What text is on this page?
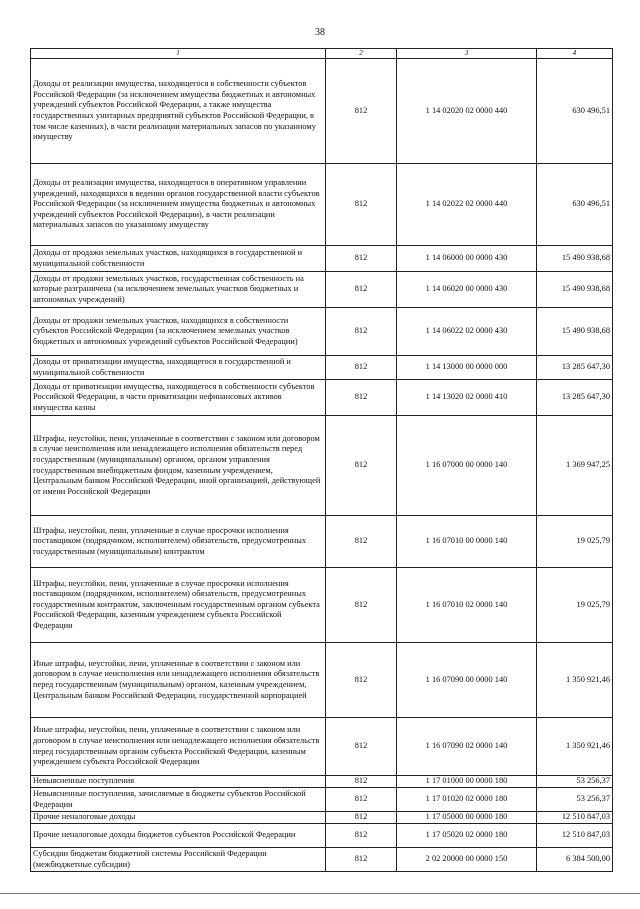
38
1	2	3	4
Доходы от реализации имущества, находящегося в собственности субъектов Российской Федерации (за исключением имущества бюджетных и автономных учреждений субъектов Российской Федерации, а также имущества государственных унитарных предприятий субъектов Российской Федерации, в том числе казенных), в части реализации материальных запасов по указанному имуществу	812	1 14 02020 02 0000 440	630 496,51
Доходы от реализации имущества, находящегося в оперативном управлении учреждений, находящихся в ведении органов государственной власти субъектов Российской Федерации (за исключением имущества бюджетных и автономных учреждений субъектов Российской Федерации), в части реализации материальных запасов по указанному имуществу	812	1 14 02022 02 0000 440	630 496,51
Доходы от продажи земельных участков, находящихся в государственной и муниципальной собственности	812	1 14 06000 00 0000 430	15 490 938,68
Доходы от продажи земельных участков, государственная собственность на которые разграничена (за исключением земельных участков бюджетных и автономных учреждений)	812	1 14 06020 00 0000 430	15 490 938,68
Доходы от продажи земельных участков, находящихся в собственности субъектов Российской Федерации (за исключением земельных участков бюджетных и автономных учреждений субъектов Российской Федерации)	812	1 14 06022 02 0000 430	15 490 938,68
Доходы от приватизации имущества, находящегося в государственной и муниципальной собственности	812	1 14 13000 00 0000 000	13 285 647,30
Доходы от приватизации имущества, находящегося в собственности субъектов Российской Федерации, в части приватизации нефинансовых активов имущества казны	812	1 14 13020 02 0000 410	13 285 647,30
Штрафы, неустойки, пени, уплаченные в соответствии с законом или договором в случае неисполнения или ненадлежащего исполнения обязательств перед государственным (муниципальным) органом, органом управления государственным внебюджетным фондом, казенным учреждением, Центральным банком Российской Федерации, иной организацией, действующей от имени Российской Федерации	812	1 16 07000 00 0000 140	1 369 947,25
Штрафы, неустойки, пени, уплаченные в случае просрочки исполнения поставщиком (подрядчиком, исполнителем) обязательств, предусмотренных государственным (муниципальным) контрактом	812	1 16 07010 00 0000 140	19 025,79
Штрафы, неустойки, пени, уплаченные в случае просрочки исполнения поставщиком (подрядчиком, исполнителем) обязательств, предусмотренных государственным контрактом, заключенным государственным органом субъекта Российской Федерации, казенным учреждением субъекта Российской Федерации	812	1 16 07010 02 0000 140	19 025,79
Иные штрафы, неустойки, пени, уплаченные в соответствии с законом или договором в случае неисполнения или ненадлежащего исполнения обязательств перед государственным (муниципальным) органом, казенным учреждением, Центральным банком Российской Федерации, государственной корпорацией	812	1 16 07090 00 0000 140	1 350 921,46
Иные штрафы, неустойки, пени, уплаченные в соответствии с законом или договором в случае неисполнения или ненадлежащего исполнения обязательств перед государственным органом субъекта Российской Федерации, казенным учреждением субъекта Российской Федерации	812	1 16 07090 02 0000 140	1 350 921,46
Невыясненные поступления	812	1 17 01000 00 0000 180	53 256,37
Невыясненные поступления, зачисляемые в бюджеты субъектов Российской Федерации	812	1 17 01020 02 0000 180	53 256,37
Прочие неналоговые доходы	812	1 17 05000 00 0000 180	12 510 847,03
Прочие неналоговые доходы бюджетов субъектов Российской Федерации	812	1 17 05020 02 0000 180	12 510 847,03
Субсидии бюджетам бюджетной системы Российской Федерации (межбюджетные субсидии)	812	2 02 20000 00 0000 150	6 384 500,00
